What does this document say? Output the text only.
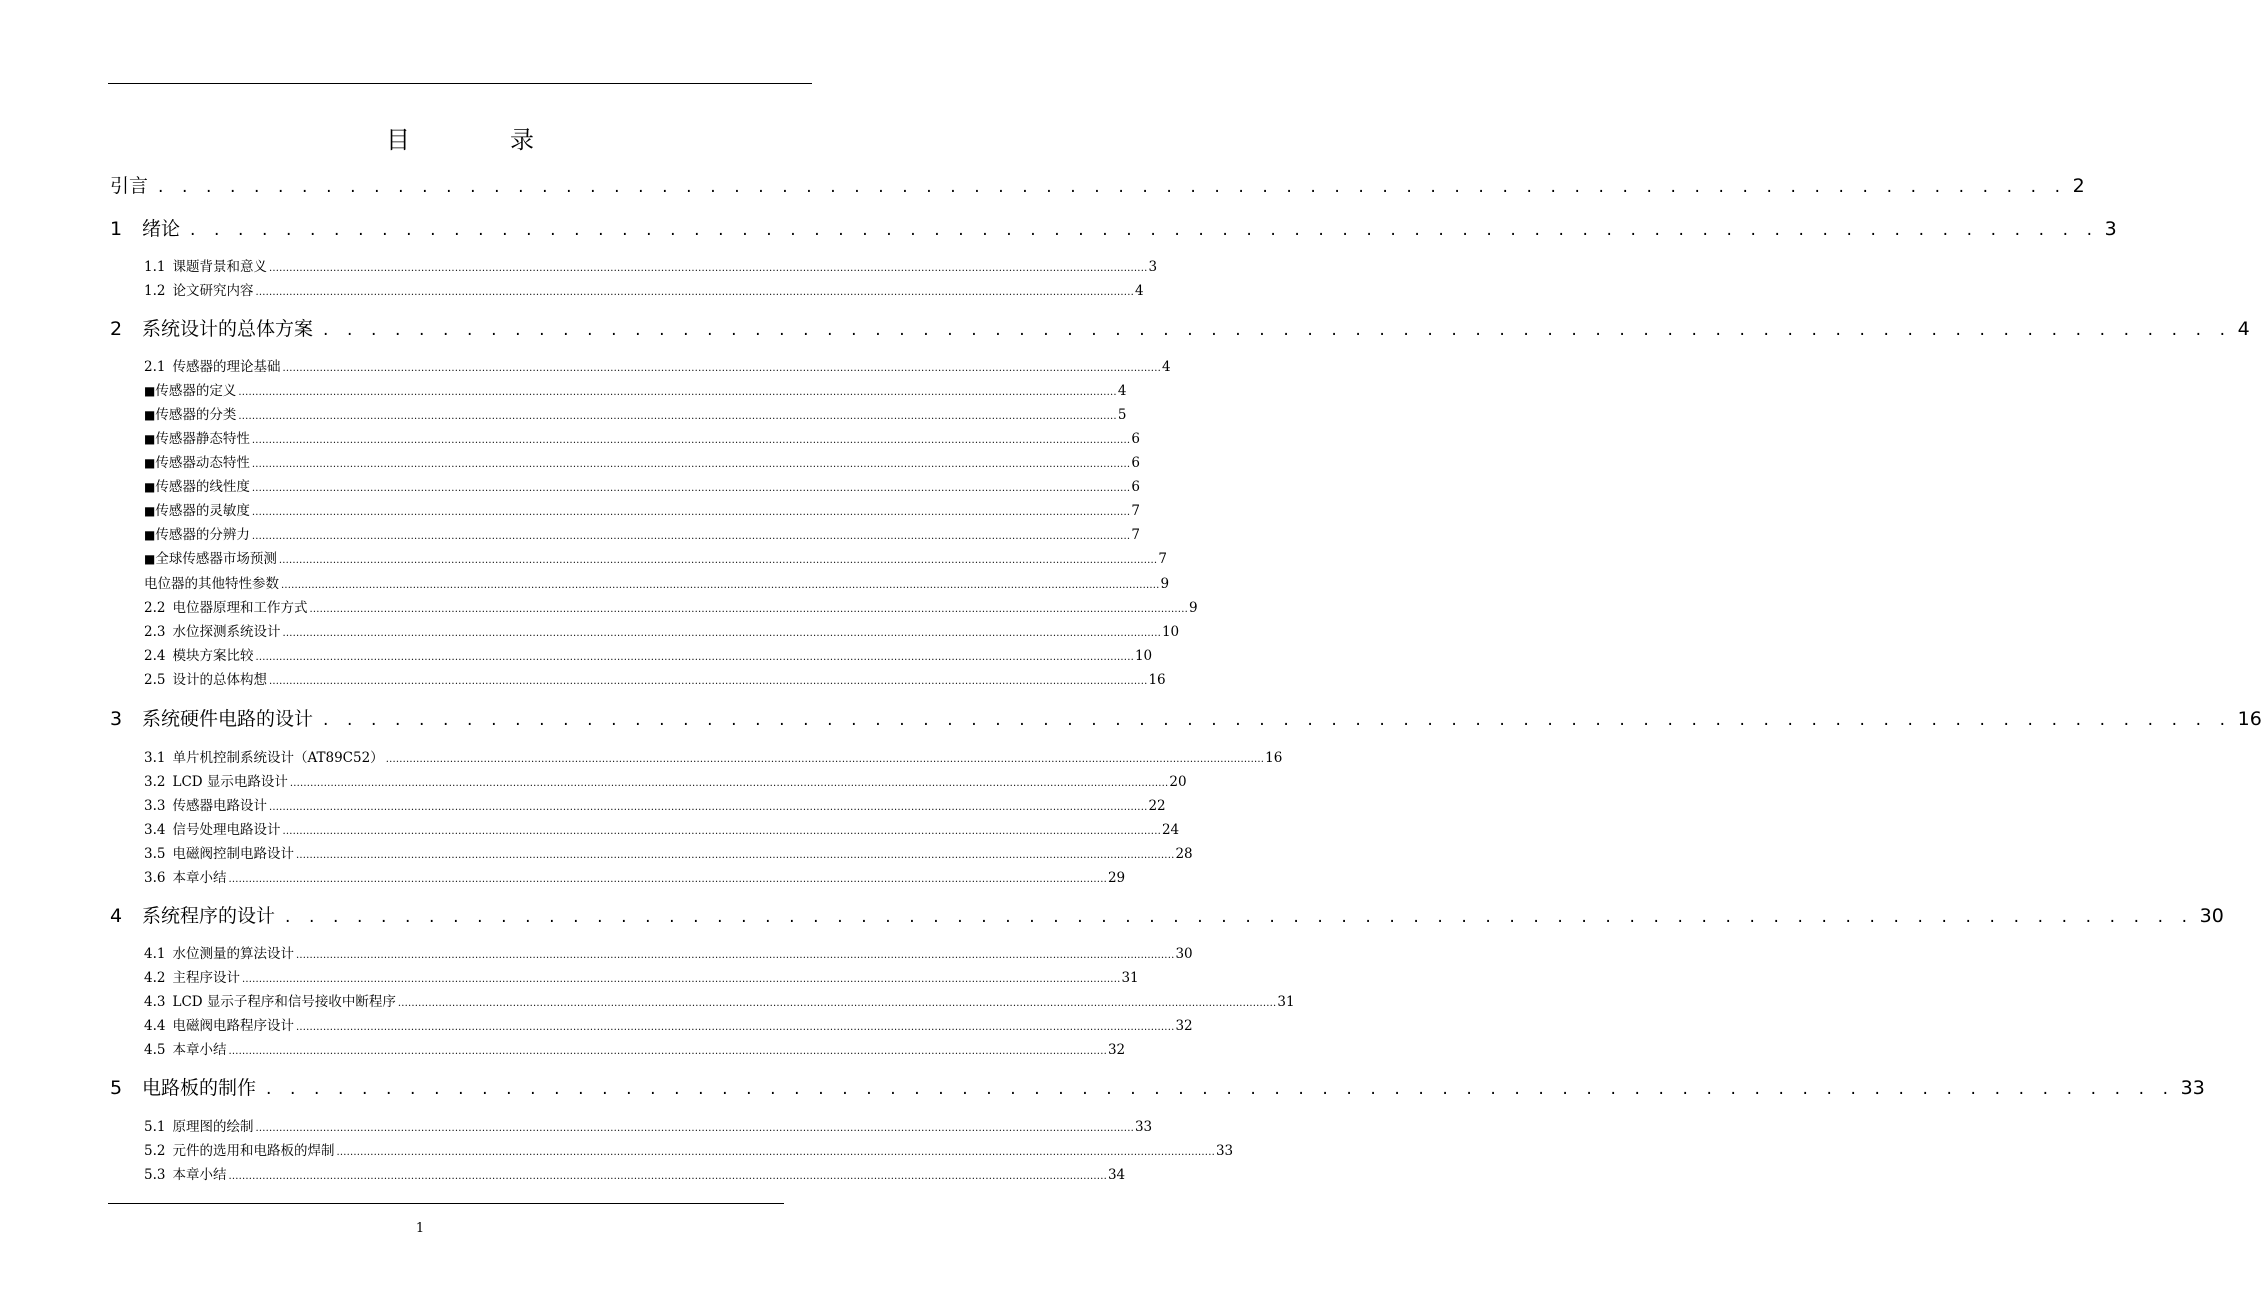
目　录
引言 . . . . . . . . . . . . . . . . . . . . . . . . . . . . . . . . . . . . . . . . . . . . . . . . . . . . . . . . . . . . . . . . . . . . . . . . . . . . . . . . 2
1	绪论 . . . . . . . . . . . . . . . . . . . . . . . . . . . . . . . . . . . . . . . . . . . . . . . . . . . . . . . . . . . . . . . . . . . . . . . . . . . . . . . . 3
1.1 课题背景和意义 .................................................................................................................................................................................................................................................................... 3
1.2 论文研究内容 .................................................................................................................................................................................................................................................................... 4
2	系统设计的总体方案 . . . . . . . . . . . . . . . . . . . . . . . . . . . . . . . . . . . . . . . . . . . . . . . . . . . . . . . . . . . . . . . . . . . . . . . . . . . . . . . . 4
2.1 传感器的理论基础 .................................................................................................................................................................................................................................................................... 4
■ 传感器的定义 .................................................................................................................................................................................................................................................................... 4
■ 传感器的分类 .................................................................................................................................................................................................................................................................... 5
■ 传感器静态特性 .................................................................................................................................................................................................................................................................... 6
■ 传感器动态特性 .................................................................................................................................................................................................................................................................... 6
■ 传感器的线性度 .................................................................................................................................................................................................................................................................... 6
■ 传感器的灵敏度 .................................................................................................................................................................................................................................................................... 7
■ 传感器的分辨力 .................................................................................................................................................................................................................................................................... 7
■ 全球传感器市场预测 .................................................................................................................................................................................................................................................................... 7
电位器的其他特性参数 .................................................................................................................................................................................................................................................................... 9
2.2 电位器原理和工作方式 .................................................................................................................................................................................................................................................................... 9
2.3 水位探测系统设计 .................................................................................................................................................................................................................................................................... 10
2.4 模块方案比较 .................................................................................................................................................................................................................................................................... 10
2.5 设计的总体构想 .................................................................................................................................................................................................................................................................... 16
3	系统硬件电路的设计 . . . . . . . . . . . . . . . . . . . . . . . . . . . . . . . . . . . . . . . . . . . . . . . . . . . . . . . . . . . . . . . . . . . . . . . . . . . . . . . . 16
3.1 单片机控制系统设计（AT89C52） .................................................................................................................................................................................................................................................................... 16
3.2 LCD 显示电路设计 .................................................................................................................................................................................................................................................................... 20
3.3 传感器电路设计 .................................................................................................................................................................................................................................................................... 22
3.4 信号处理电路设计 .................................................................................................................................................................................................................................................................... 24
3.5 电磁阀控制电路设计 .................................................................................................................................................................................................................................................................... 28
3.6 本章小结 .................................................................................................................................................................................................................................................................... 29
4	系统程序的设计 . . . . . . . . . . . . . . . . . . . . . . . . . . . . . . . . . . . . . . . . . . . . . . . . . . . . . . . . . . . . . . . . . . . . . . . . . . . . . . . . 30
4.1 水位测量的算法设计 .................................................................................................................................................................................................................................................................... 30
4.2 主程序设计 .................................................................................................................................................................................................................................................................... 31
4.3 LCD 显示子程序和信号接收中断程序 .................................................................................................................................................................................................................................................................... 31
4.4 电磁阀电路程序设计 .................................................................................................................................................................................................................................................................... 32
4.5 本章小结 .................................................................................................................................................................................................................................................................... 32
5	电路板的制作 . . . . . . . . . . . . . . . . . . . . . . . . . . . . . . . . . . . . . . . . . . . . . . . . . . . . . . . . . . . . . . . . . . . . . . . . . . . . . . . . 33
5.1 原理图的绘制 .................................................................................................................................................................................................................................................................... 33
5.2 元件的选用和电路板的焊制 .................................................................................................................................................................................................................................................................... 33
5.3 本章小结 .................................................................................................................................................................................................................................................................... 34
1
